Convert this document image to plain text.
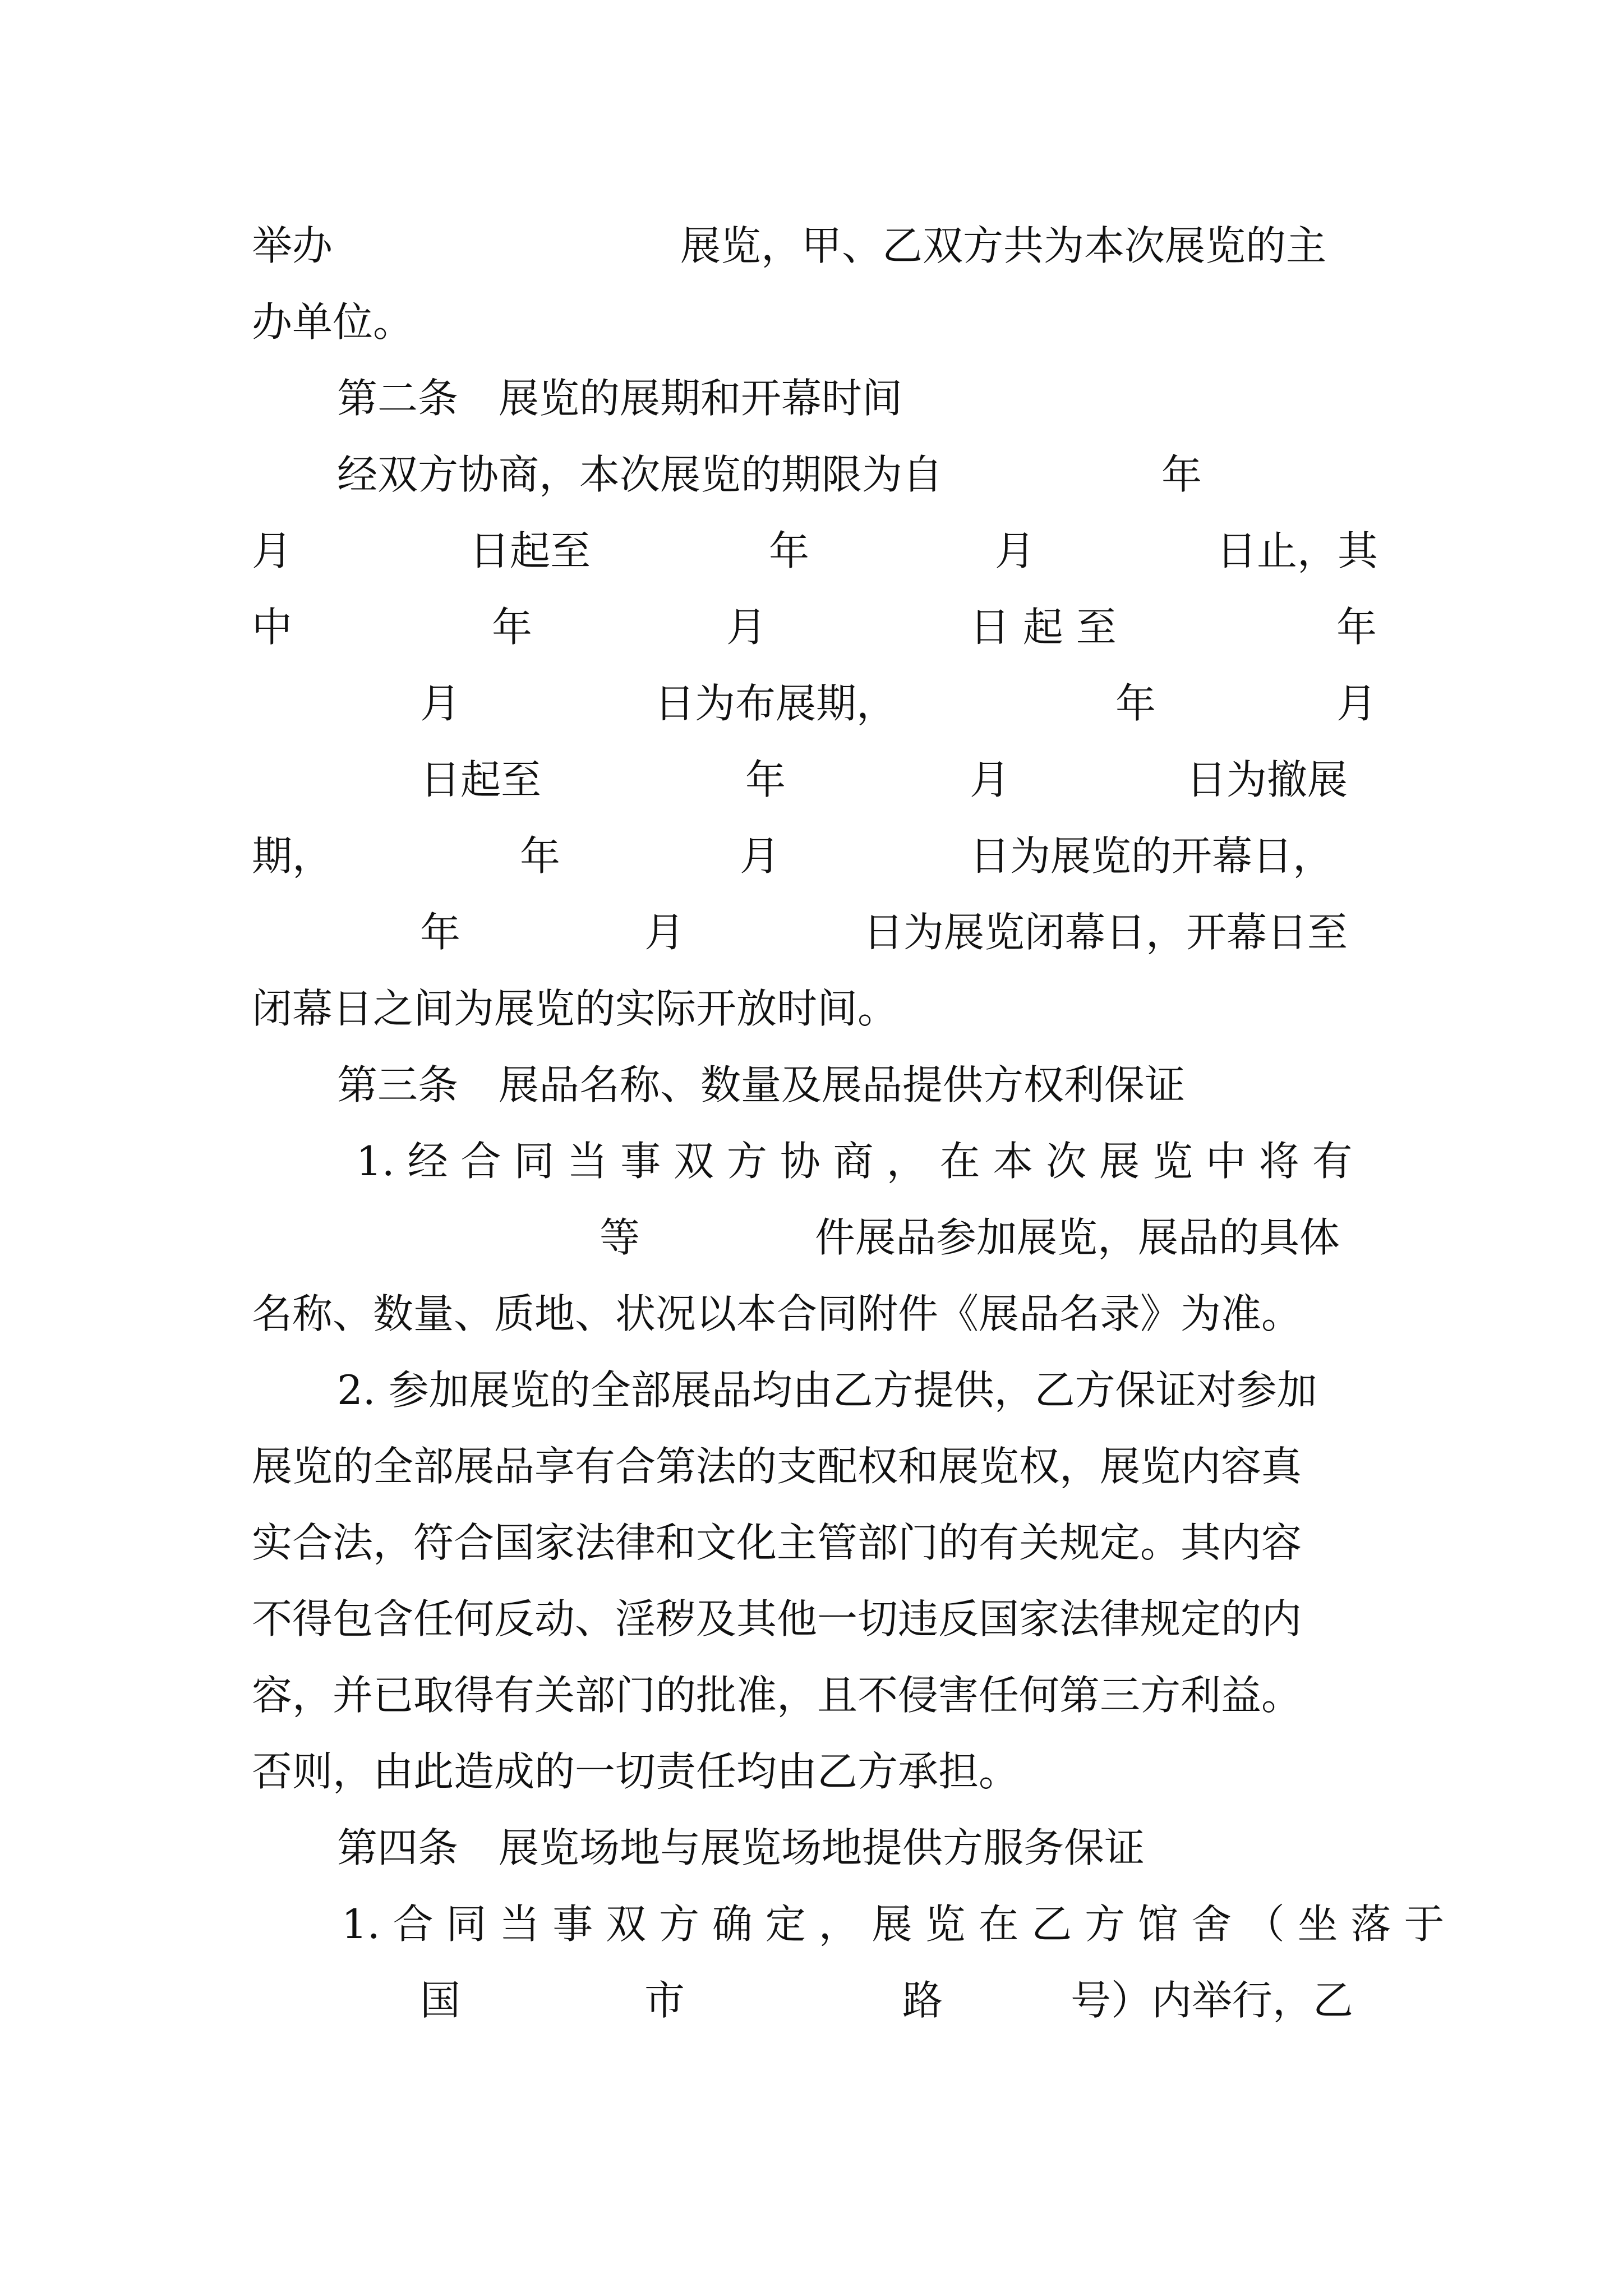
举办	展览，甲、乙双方共为本次展览的主
办单位。
第二条　展览的展期和开幕时间
经双方协商，本次展览的期限为自	年
月	日起至	年	月	日止，其
中	年	月	日 起 至	年
月	日为布展期，	年	月
日起至	年	月	日为撤展
期，	年	月	日为展览的开幕日，
年	月	日为展览闭幕日，开幕日至
闭幕日之间为展览的实际开放时间。
第三条　展品名称、数量及展品提供方权利保证
1. 经 合 同 当 事 双 方 协 商 ， 在 本 次 展 览 中 将 有
等	件展品参加展览，展品的具体
名称、数量、质地、状况以本合同附件《展品名录》为准。
2. 参加展览的全部展品均由乙方提供，乙方保证对参加
展览的全部展品享有合第法的支配权和展览权，展览内容真
实合法，符合国家法律和文化主管部门的有关规定。其内容
不得包含任何反动、淫秽及其他一切违反国家法律规定的内
容，并已取得有关部门的批准，且不侵害任何第三方利益。
否则，由此造成的一切责任均由乙方承担。
第四条　展览场地与展览场地提供方服务保证
1. 合 同 当 事 双 方 确 定 ， 展 览 在 乙 方 馆 舍 （ 坐 落 于
国	市	路	号）内举行，乙
